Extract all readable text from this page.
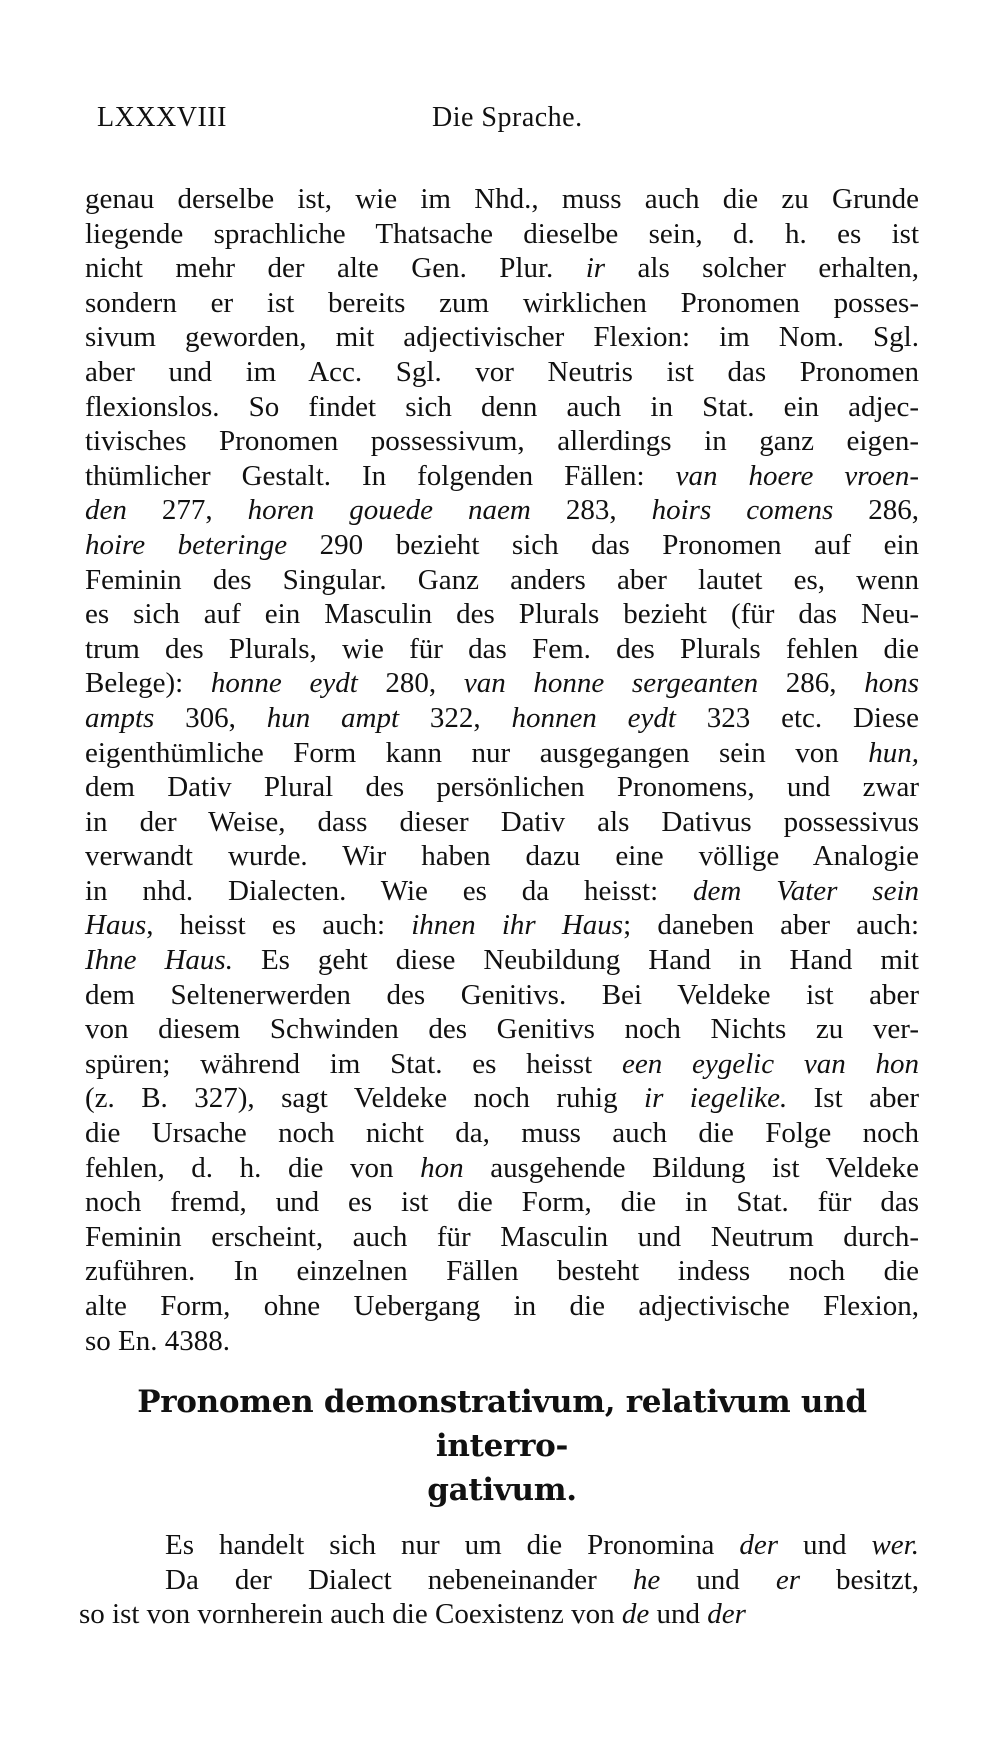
LXXXVIII	Die Sprache.
genau derselbe ist, wie im Nhd., muss auch die zu Grunde
liegende sprachliche Thatsache dieselbe sein, d. h. es ist
nicht mehr der alte Gen. Plur. ir als solcher erhalten,
sondern er ist bereits zum wirklichen Pronomen posses-
sivum geworden, mit adjectivischer Flexion: im Nom. Sgl.
aber und im Acc. Sgl. vor Neutris ist das Pronomen
flexionslos. So findet sich denn auch in Stat. ein adjec-
tivisches Pronomen possessivum, allerdings in ganz eigen-
thümlicher Gestalt. In folgenden Fällen: van hoere vroen-
den 277, horen gouede naem 283, hoirs comens 286,
hoire beteringe 290 bezieht sich das Pronomen auf ein
Feminin des Singular. Ganz anders aber lautet es, wenn
es sich auf ein Masculin des Plurals bezieht (für das Neu-
trum des Plurals, wie für das Fem. des Plurals fehlen die
Belege): honne eydt 280, van honne sergeanten 286, hons
ampts 306, hun ampt 322, honnen eydt 323 etc. Diese
eigenthümliche Form kann nur ausgegangen sein von hun,
dem Dativ Plural des persönlichen Pronomens, und zwar
in der Weise, dass dieser Dativ als Dativus possessivus
verwandt wurde. Wir haben dazu eine völlige Analogie
in nhd. Dialecten. Wie es da heisst: dem Vater sein
Haus, heisst es auch: ihnen ihr Haus; daneben aber auch:
Ihne Haus. Es geht diese Neubildung Hand in Hand mit
dem Seltenerwerden des Genitivs. Bei Veldeke ist aber
von diesem Schwinden des Genitivs noch Nichts zu ver-
spüren; während im Stat. es heisst een eygelic van hon
(z. B. 327), sagt Veldeke noch ruhig ir iegelike. Ist aber
die Ursache noch nicht da, muss auch die Folge noch
fehlen, d. h. die von hon ausgehende Bildung ist Veldeke
noch fremd, und es ist die Form, die in Stat. für das
Feminin erscheint, auch für Masculin und Neutrum durch-
zuführen. In einzelnen Fällen besteht indess noch die
alte Form, ohne Uebergang in die adjectivische Flexion,
so En. 4388.
Pronomen demonstrativum, relativum und interro-
gativum.
Es handelt sich nur um die Pronomina der und wer.
Da der Dialect nebeneinander he und er besitzt,
so ist von vornherein auch die Coexistenz von de und der
